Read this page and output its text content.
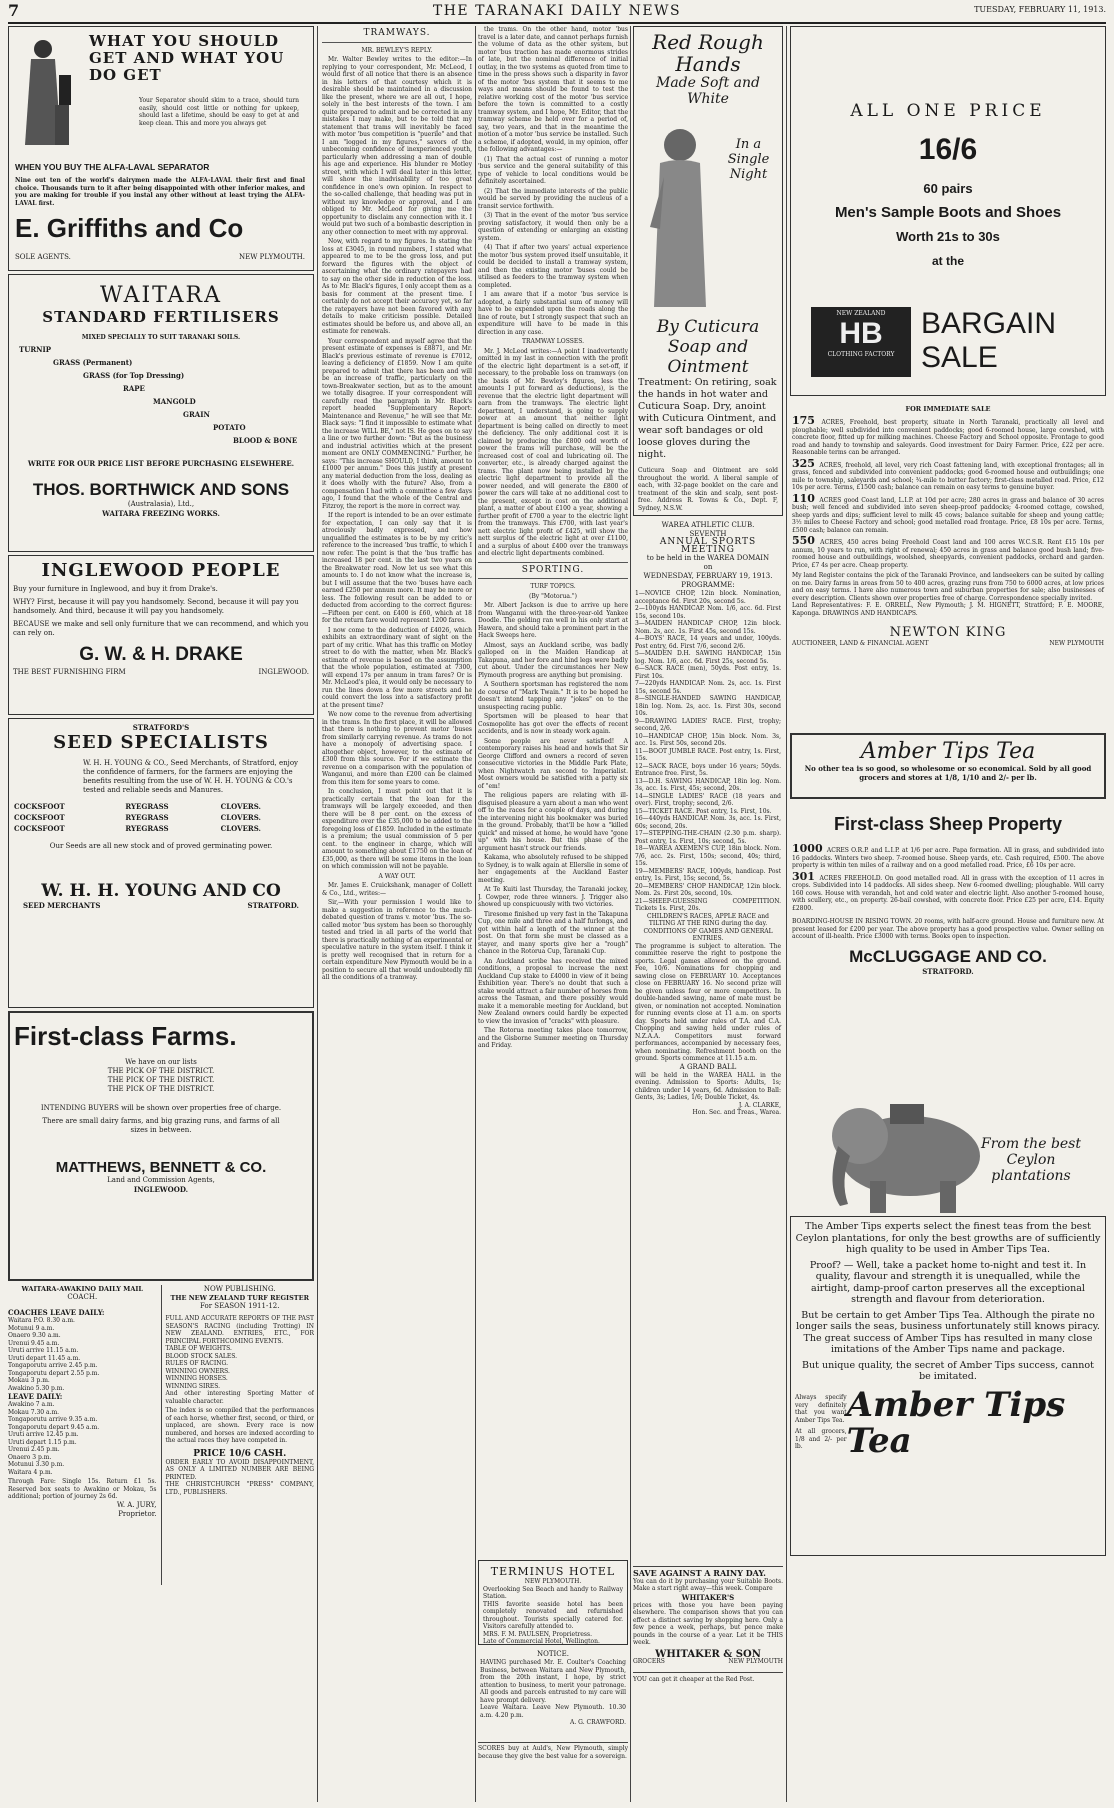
7	THE TARANAKI DAILY NEWS	TUESDAY, FEBRUARY 11, 1913.
WHAT YOU SHOULD GET AND WHAT YOU DO GET
Your Separator should skim to a trace, should turn easily, should cost little or nothing for upkeep, should last a lifetime, should be easy to get at and keep clean. This and more you always get
WHEN YOU BUY THE ALFA-LAVAL SEPARATOR
Nine out ten of the world's dairymen made the ALFA-LAVAL their first and final choice. Thousands turn to it after being disappointed with other inferior makes, and you are making for trouble if you instal any other without at least trying the ALFA-LAVAL first.
E. Griffiths and Co
SOLE AGENTS.	NEW PLYMOUTH.
WAITARA
STANDARD FERTILISERS
MIXED SPECIALLY TO SUIT TARANAKI SOILS.
TURNIP
GRASS (Permanent)
GRASS (for Top Dressing)
RAPE
MANGOLD
GRAIN
POTATO
BLOOD & BONE
WRITE FOR OUR PRICE LIST BEFORE PURCHASING ELSEWHERE.
THOS. BORTHWICK AND SONS
(Australasia), Ltd.,
WAITARA FREEZING WORKS.
INGLEWOOD PEOPLE
Buy your furniture in Inglewood, and buy it from Drake's.
WHY? First, because it will pay you handsomely. Second, because it will pay you handsomely. And third, because it will pay you handsomely.
BECAUSE we make and sell only furniture that we can recommend, and which you can rely on.
G. W. & H. DRAKE
THE BEST FURNISHING FIRM	INGLEWOOD.
STRATFORD'S
SEED SPECIALISTS
W. H. H. YOUNG & CO., Seed Merchants, of Stratford, enjoy the confidence of farmers, for the farmers are enjoying the benefits resulting from the use of W. H. H. YOUNG & CO.'s tested and reliable seeds and Manures.
COCKSFOOT	RYEGRASS	CLOVERS.
COCKSFOOT	RYEGRASS	CLOVERS.
COCKSFOOT	RYEGRASS	CLOVERS.
Our Seeds are all new stock and of proved germinating power.
W. H. H. YOUNG AND CO
SEED MERCHANTS	STRATFORD.
First-class Farms.
We have on our lists
THE PICK OF THE DISTRICT.
THE PICK OF THE DISTRICT.
THE PICK OF THE DISTRICT.
INTENDING BUYERS will be shown over properties free of charge.
There are small dairy farms, and big grazing runs, and farms of all sizes in between.
MATTHEWS, BENNETT & CO.
Land and Commission Agents,
INGLEWOOD.
WAITARA-AWAKINO DAILY MAIL
COACH.
COACHES LEAVE DAILY:
Waitara P.O. 8.30 a.m.
Motunui 9 a.m.
Onaero 9.30 a.m.
Urenui 9.45 a.m.
Uruti arrive 11.15 a.m.
Uruti depart 11.45 a.m.
Tongaporutu arrive 2.45 p.m.
Tongaporutu depart 2.55 p.m.
Mokau 3 p.m.
Awakino 5.30 p.m.
LEAVE DAILY:
Awakino 7 a.m.
Mokau 7.30 a.m.
Tongaporutu arrive 9.35 a.m.
Tongaporutu depart 9.45 a.m.
Uruti arrive 12.45 p.m.
Uruti depart 1.15 p.m.
Urenui 2.45 p.m.
Onaero 3 p.m.
Motunui 3.30 p.m.
Waitara 4 p.m.
Through Fare: Single 15s. Return £1 5s. Reserved box seats to Awakino or Mokau, 5s additional; portion of journey 2s 6d.
W. A. JURY,
Proprietor.
NOW PUBLISHING.
THE NEW ZEALAND TURF REGISTER
For SEASON 1911-12.
FULL AND ACCURATE REPORTS OF THE PAST SEASON'S RACING (including Trotting) IN NEW ZEALAND. ENTRIES, ETC., FOR PRINCIPAL FORTHCOMING EVENTS.
TABLE OF WEIGHTS.
BLOOD STOCK SALES.
RULES OF RACING.
WINNING OWNERS.
WINNING HORSES.
WINNING SIRES.
And other interesting Sporting Matter of valuable character.
The index is so compiled that the performances of each horse, whether first, second, or third, or unplaced, are shown. Every race is now numbered, and horses are indexed according to the actual races they have competed in.
PRICE 10/6 CASH.
ORDER EARLY TO AVOID DISAPPOINTMENT, AS ONLY A LIMITED NUMBER ARE BEING PRINTED.
THE CHRISTCHURCH "PRESS" COMPANY, LTD., PUBLISHERS.
TRAMWAYS.
MR. BEWLEY'S REPLY.

Mr. Walter Bewley writes to the editor:—In replying to your correspondent, Mr. McLeod, I would first of all notice that there is an absence in his letters of that courtesy which it is desirable should be maintained in a discussion like the present, where we are all out, I hope, solely in the best interests of the town. I am quite prepared to admit and be corrected in any mistakes I may make, but to be told that my statement that trams will inevitably be faced with motor 'bus competition is "puerile" and that I am "logged in my figures," savors of the unbecoming confidence of inexperienced youth, particularly when addressing a man of double his age and experience. His blunder re Motley street, with which I will deal later in this letter, will show the inadvisability of too great confidence in one's own opinion. In respect to the so-called challenge, that heading was put in without my knowledge or approval, and I am obliged to Mr. McLeod for giving me the opportunity to disclaim any connection with it. I would put two such of a bombastic description in any other connection to meet with my approval.

Now, with regard to my figures. In stating the loss at £3045, in round numbers, I stated what appeared to me to be the gross loss, and put forward the figures with the object of ascertaining what the ordinary ratepayers had to say on the other side in reduction of the loss. As to Mr. Black's figures, I only accept them as a basis for comment at the present time. I certainly do not accept their accuracy yet, so far the ratepayers have not been favored with any details to make criticism possible. Detailed estimates should be before us, and above all, an estimate for renewals.

Your correspondent and myself agree that the present estimate of expenses is £8871, and Mr. Black's previous estimate of revenue is £7012, leaving a deficiency of £1859. Now I am quite prepared to admit that there has been and will be an increase of traffic, particularly on the town-Breakwater section, but as to the amount we totally disagree. If your correspondent will carefully read the paragraph in Mr. Black's report headed "Supplementary Report: Maintenance and Revenue," he will see that Mr. Black says: "I find it impossible to estimate what the increase WILL BE," not IS. He goes on to say a line or two further down: "But as the business and industrial activities which at the present moment are ONLY COMMENCING." Further, he says: "This increase SHOULD, I think, amount to £1000 per annum." Does this justify at present any material deduction from the loss, dealing as it does wholly with the future? Also, from a compensation I had with a committee a few days ago, I found that the whole of the Central and Fitzroy, the report is the more in correct way.

If the report is intended to be an over estimate for expectation, I can only say that it is atrociously badly expressed, and how unqualified the estimates is to be by my critic's reference to the increased 'bus traffic, to which I now refer. The point is that the 'bus traffic has increased 18 per cent. in the last two years on the Breakwater road. Now let us see what this amounts to. I do not know what the increase is, but I will assume that the two 'buses have each earned £250 per annum more. It may be more or less. The following result can be added to or deducted from according to the correct figures:—Fifteen per cent. on £400 is £60, which at 18 for the return fare would represent 1200 fares.

I now come to the deduction of £4026, which exhibits an extraordinary want of sight on the part of my critic. What has this traffic on Motley street to do with the matter, when Mr. Black's estimate of revenue is based on the assumption that the whole population, estimated at 7300, will expend 17s per annum in tram fares? Or is Mr. McLeod's plea, it would only be necessary to run the lines down a few more streets and he could convert the loss into a satisfactory profit at the present time?

We now come to the revenue from advertising in the trams. In the first place, it will be allowed that there is nothing to prevent motor 'buses from similarly carrying revenue. As trams do not have a monopoly of advertising space. I altogether object, however, to the estimate of £300 from this source. For if we estimate the revenue on a comparison with the population of Wanganui, and more than £200 can be claimed from this item for some years to come.

In conclusion, I must point out that it is practically certain that the loan for the tramways will be largely exceeded, and then there will be 8 per cent. on the excess of expenditure over the £35,000 to be added to the foregoing loss of £1859. Included in the estimate is a premium; the usual commission of 5 per cent. to the engineer in charge, which will amount to something about £1750 on the loan of £35,000, as there will be some items in the loan on which commission will not be payable.

A WAY OUT.

Mr. James E. Cruickshank, manager of Collett & Co., Ltd., writes:—

Sir,—With your permission I would like to make a suggestion in reference to the much-debated question of trams v. motor 'bus. The so-called motor 'bus system has been so thoroughly tested and tried in all parts of the world that there is practically nothing of an experimental or speculative nature in the system itself. I think it is pretty well recognised that in return for a certain expenditure New Plymouth would be in a position to secure all that would undoubtedly fill all the conditions of a tramway.

the trams. On the other hand, motor 'bus travel is a later date, and cannot perhaps furnish the volume of data as the other system, but motor 'bus traction has made enormous strides of late, but the nominal difference of initial outlay, in the two systems as quoted from time to time in the press shows such a disparity in favor of the motor 'bus system that it seems to me ways and means should be found to test the relative working cost of the motor 'bus service before the town is committed to a costly tramway system, and I hope, Mr. Editor, that the tramway scheme be held over for a period of, say, two years, and that in the meantime the motion of a motor 'bus service be installed. Such a scheme, if adopted, would, in my opinion, offer the following advantages:—

(1) That the actual cost of running a motor 'bus service and the general suitability of this type of vehicle to local conditions would be definitely ascertained.

(2) That the immediate interests of the public would be served by providing the nucleus of a transit service forthwith.

(3) That in the event of the motor 'bus service proving satisfactory, it would then only be a question of extending or enlarging an existing system.

(4) That if after two years' actual experience the motor 'bus system proved itself unsuitable, it could be decided to install a tramway system, and then the existing motor 'buses could be utilised as feeders to the tramway system when completed.

I am aware that if a motor 'bus service is adopted, a fairly substantial sum of money will have to be expended upon the roads along the line of route, but I strongly suspect that such an expenditure will have to be made in this direction in any case.

TRAMWAY LOSSES.

Mr. J. McLeod writes:—A point I inadvertently omitted in my last in connection with the profit of the electric light department is a set-off, if necessary, to the probable loss on tramways (on the basis of Mr. Bewley's figures, less the amounts I put forward as deductions), is the revenue that the electric light department will earn from the tramways. The electric light department, I understand, is going to supply power at an amount that neither light department is being called on directly to meet the deficiency. The only additional cost it is claimed by producing the £800 odd worth of power the trams will purchase, will be the increased cost of coal and lubricating oil. The converter, etc., is already charged against the trams. The plant now being installed by the electric light department to provide all the power needed, and will generate the £800 of power the cars will take at no additional cost to the present, except in cost on the additional plant, a matter of about £100 a year, showing a further profit of £700 a year to the electric light from the tramways. This £700, with last year's nett electric light profit of £425, will show the nett surplus of the electric light at over £1100, and a surplus of about £400 over the tramways and electric light departments combined.

SPORTING.
TURF TOPICS.
(By "Motorua.")

Mr. Albert Jackson is due to arrive up here from Wanganui with the three-year-old Yankee Doodle. The gelding ran well in his only start at Hawera, and should take a prominent part in the Hack Sweeps here.

Almost, says an Auckland scribe, was badly galloped on in the Maiden Handicap at Takapuna, and her fore and hind legs were badly cut about. Under the circumstances her New Plymouth progress are anything but promising.

A Southern sportsman has registered the nom de course of "Mark Twain." It is to be hoped he doesn't intend tapping any "jokes" on to the unsuspecting racing public.

Sportsmen will be pleased to hear that Cosmopolite has got over the effects of recent accidents, and is now in steady work again.

Some people are never satisfied! A contemporary raises his head and howls that Sir George Clifford and owners a record of seven consecutive victories in the Middle Park Plate, when Nightwatch ran second to Imperialist. Most owners would be satisfied with a patty six of "em!

The religious papers are relating with ill-disguised pleasure a yarn about a man who went off to the races for a couple of days, and during the intervening night his bookmaker was buried in the ground. Probably, that'll be how a "killed quick" and missed at home, he would have "gone up" with his house. But this phase of the argument hasn't struck our friends.

Kakama, who absolutely refused to be shipped to Sydney, is to walk again at Ellerslie in some of her engagements at the Auckland Easter meeting.

At Te Kuiti last Thursday, the Taranaki jockey, J. Cowper, rode three winners. J. Trigger also showed up conspicuously with two victories.

Tiresome finished up very fast in the Takapuna Cup, one mile and three and a half furlongs, and got within half a length of the winner at the post. On that form she must be classed as a stayer, and many sports give her a "rough" chance in the Rotorua Cup, Taranaki Cup.

An Auckland scribe has received the mixed conditions, a proposal to increase the next Auckland Cup stake to £4000 in view of it being Exhibition year. There's no doubt that such a stake would attract a fair number of horses from across the Tasman, and there possibly would make it a memorable meeting for Auckland, but New Zealand owners could hardly be expected to view the invasion of "cracks" with pleasure.

The Rotorua meeting takes place tomorrow, and the Gisborne Summer meeting on Thursday and Friday.

TERMINUS HOTEL
NEW PLYMOUTH.
Overlooking Sea Beach and handy to Railway Station.
THIS favorite seaside hotel has been completely renovated and refurnished throughout. Tourists specially catered for. Visitors carefully attended to.
MRS. F. M. PAULSEN, Proprietress.
Late of Commercial Hotel, Wellington.
NOTICE.
HAVING purchased Mr. E. Coulter's Coaching Business, between Waitara and New Plymouth, from the 20th instant, I hope, by strict attention to business, to merit your patronage. All goods and parcels entrusted to my care will have prompt delivery.
Leave Waitara. Leave New Plymouth. 10.30 a.m. 4.20 p.m.
A. G. CRAWFORD.
SCORES buy at Auld's, New Plymouth, simply because they give the best value for a sovereign.
Red Rough Hands
Made Soft and White
In a Single Night
By Cuticura Soap and Ointment
Treatment: On retiring, soak the hands in hot water and Cuticura Soap. Dry, anoint with Cuticura Ointment, and wear soft bandages or old loose gloves during the night.
Cuticura Soap and Ointment are sold throughout the world. A liberal sample of each, with 32-page booklet on the care and treatment of the skin and scalp, sent post-free. Address R. Towns & Co., Dept. F, Sydney, N.S.W.
WAREA ATHLETIC CLUB.
SEVENTH
ANNUAL SPORTS MEETING
to be held in the WAREA DOMAIN
on
WEDNESDAY, FEBRUARY 19, 1913.
PROGRAMME:
1—NOVICE CHOP, 12in block. Nomination, acceptance 6d. First 20s, second 5s.
2—100yds HANDICAP. Nom. 1/6, acc. 6d. First 15s, second 10s.
3—MAIDEN HANDICAP CHOP, 12in block. Nom. 2s, acc. 1s. First 45s, second 15s.
4—BOYS' RACE, 14 years and under, 100yds. Post entry, 6d. First 7/6, second 2/6.
5—MAIDEN D.H. SAWING HANDICAP, 15in log. Nom. 1/6, acc. 6d. First 25s, second 5s.
6—SACK RACE (men), 50yds. Post entry, 1s. First 10s.
7—220yds HANDICAP. Nom. 2s, acc. 1s. First 15s, second 5s.
8—SINGLE-HANDED SAWING HANDICAP, 18in log. Nom. 2s, acc. 1s. First 30s, second 10s.
9—DRAWING LADIES' RACE. First, trophy; second, 2/6.
10—HANDICAP CHOP, 15in block. Nom. 3s, acc. 1s. First 50s, second 20s.
11—BOOT JUMBLE RACE. Post entry, 1s. First, 15s.
12—SACK RACE, boys under 16 years; 50yds. Entrance free. First, 5s.
13—D.H. SAWING HANDICAP, 18in log. Nom. 3s, acc. 1s. First, 45s; second, 20s.
14—SINGLE LADIES' RACE (18 years and over). First, trophy; second, 2/6.
15—TICKET RACE. Post entry, 1s. First, 10s.
16—440yds HANDICAP. Nom. 3s, acc. 1s. First, 60s; second, 20s.
17—STEPPING-THE-CHAIN (2.30 p.m. sharp). Post entry, 1s. First, 10s; second, 5s.
18—WAREA AXEMEN'S CUP, 18in block. Nom. 7/6, acc. 2s. First, 150s; second, 40s; third, 15s.
19—MEMBERS' RACE, 100yds, handicap. Post entry, 1s. First, 15s; second, 5s.
20—MEMBERS' CHOP HANDICAP, 12in block. Nom. 2s. First 20s, second, 10s.
21—SHEEP-GUESSING COMPETITION. Tickets 1s. First, 20s.
CHILDREN'S RACES, APPLE RACE and TILTING AT THE RING during the day.
CONDITIONS OF GAMES AND GENERAL ENTRIES.
The programme is subject to alteration. The committee reserve the right to postpone the sports. Legal games allowed on the ground. Fee, 10/6. Nominations for chopping and sawing close on FEBRUARY 10. Acceptances close on FEBRUARY 16. No second prize will be given unless four or more competitors. In double-handed sawing, name of mate must be given, or nomination not accepted. Nomination for running events close at 11 a.m. on sports day. Sports held under rules of T.A. and C.A. Chopping and sawing held under rules of N.Z.A.A. Competitors must forward performances, accompanied by necessary fees, when nominating. Refreshment booth on the ground. Sports commence at 11.15 a.m.
A GRAND BALL
will be held in the WAREA HALL in the evening. Admission to Sports: Adults, 1s; children under 14 years, 6d. Admission to Ball: Gents, 3s; Ladies, 1/6; Double Ticket, 4s.
J. A. CLARKE,
Hon. Sec. and Treas., Warea.
SAVE AGAINST A RAINY DAY.
You can do it by purchasing your Suitable Boots. Make a start right away—this week. Compare
WHITAKER'S
prices with those you have been paying elsewhere. The comparison shows that you can effect a distinct saving by shopping here. Only a few pence a week, perhaps, but pence make pounds in the course of a year. Let it be THIS week.
WHITAKER & SON
GROCERS	NEW PLYMOUTH
YOU can get it cheaper at the Red Post.
ALL ONE PRICE
16/6
60 pairs
Men's Sample Boots and Shoes
Worth 21s to 30s
at the
NEW ZEALAND
HB
CLOTHING FACTORY
BARGAIN
SALE
FOR IMMEDIATE SALE
175 ACRES, Freehold, best property, situate in North Taranaki, practically all level and ploughable; well subdivided into convenient paddocks; good 6-roomed house, large cowshed, with concrete floor, fitted up for milking machines. Cheese Factory and School opposite. Frontage to good road and handy to township and saleyards. Good investment for Dairy Farmer. Price, £22 per acre. Reasonable terms can be arranged.
325 ACRES, freehold, all level, very rich Coast fattening land, with exceptional frontages; all in grass, fenced and subdivided into convenient paddocks; good 6-roomed house and outbuildings; one mile to township, saleyards and school; ¾-mile to butter factory; first-class metalled road. Price, £12 10s per acre. Terms, £1500 cash; balance can remain on easy terms to genuine buyer.
110 ACRES good Coast land, L.I.P. at 10d per acre; 280 acres in grass and balance of 30 acres bush; well fenced and subdivided into seven sheep-proof paddocks; 4-roomed cottage, cowshed, sheep yards and dips; sufficient level to milk 45 cows; balance suitable for sheep and young cattle; 3½ miles to Cheese Factory and school; good metalled road frontage. Price, £8 10s per acre. Terms, £500 cash; balance can remain.
550 ACRES, 450 acres being Freehold Coast land and 100 acres W.C.S.R. Rent £15 10s per annum, 10 years to run, with right of renewal; 450 acres in grass and balance good bush land; five-roomed house and outbuildings, woolshed, sheepyards, convenient paddocks, orchard and garden. Price, £7 4s per acre. Cheap property.
My land Register contains the pick of the Taranaki Province, and landseekers can be suited by calling on me. Dairy farms in areas from 50 to 400 acres, grazing runs from 750 to 6000 acres, at low prices and on easy terms. I have also numerous town and suburban properties for sale; also businesses of every description. Clients shown over properties free of charge. Correspondence specially invited.
Land Representatives: F. E. ORRELL, New Plymouth; J. M. HIGNETT, Stratford; F. E. MOORE, Kaponga. DRAWINGS AND HANDICAPS.
NEWTON KING
AUCTIONEER, LAND & FINANCIAL AGENT	NEW PLYMOUTH
Amber Tips Tea
No other tea is so good, so wholesome or so economical. Sold by all good grocers and stores at 1/8, 1/10 and 2/- per lb.
First-class Sheep Property
1000 ACRES O.R.P. and L.I.P. at 1/6 per acre. Papa formation. All in grass, and subdivided into 16 paddocks. Winters two sheep. 7-roomed house. Sheep yards, etc. Cash required, £500. The above property is within ten miles of a railway and on a good metalled road. Price, £6 10s per acre.
301 ACRES FREEHOLD. On good metalled road. All in grass with the exception of 11 acres in crops. Subdivided into 14 paddocks. All sides sheep. New 6-roomed dwelling; ploughable. Will carry 160 cows. House with verandah, hot and cold water and electric light. Also another 5-roomed house, with scullery, etc., on property. 26-bail cowshed, with concrete floor. Price £25 per acre, £14. Equity £2800.
BOARDING-HOUSE IN RISING TOWN. 20 rooms, with half-acre ground. House and furniture new. At present leased for £200 per year. The above property has a good prospective value. Owner selling on account of ill-health. Price £3000 with terms. Books open to inspection.
McCLUGGAGE AND CO.
STRATFORD.
From the best Ceylon plantations

The Amber Tips experts select the finest teas from the best Ceylon plantations, for only the best growths are of sufficiently high quality to be used in Amber Tips Tea.

Proof? — Well, take a packet home to-night and test it. In quality, flavour and strength it is unequalled, while the airtight, damp-proof carton preserves all the exceptional strength and flavour from deterioration.

But be certain to get Amber Tips Tea. Although the pirate no longer sails the seas, business unfortunately still knows piracy. The great success of Amber Tips has resulted in many close imitations of the Amber Tips name and package.

But unique quality, the secret of Amber Tips success, cannot be imitated.

Always specify very definitely that you want Amber Tips Tea.
At all grocers, 1/8 and 2/- per lb.
Amber Tips Tea
